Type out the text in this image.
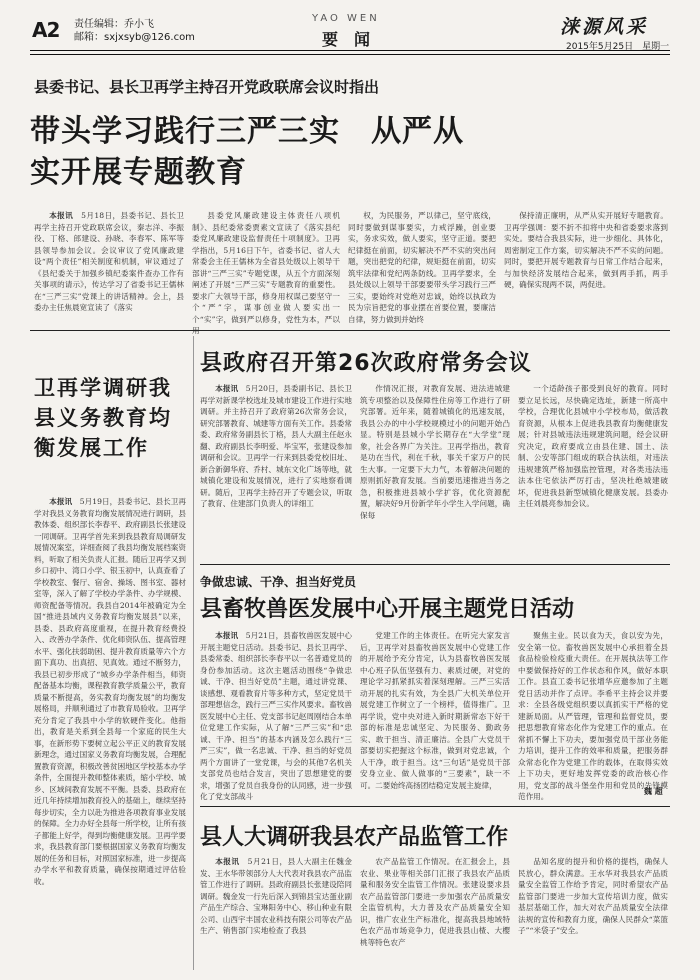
A2 责任编辑：乔小飞
邮箱：sxjxsyb@126.com
YAO WEN
要闻
涞源风采
2015年5月25日　星期一
县委书记、县长卫再学主持召开党政联席会议时指出
带头学习践行三严三实　从严从
实开展专题教育

本报讯　 5月18日，县委书记、县长卫再学主持召开党政联席会议，秦志洋、李振役、丁格、郎建设、孙晓、李春军、陈军等县领导参加会议。会议审议了党风廉政建设“两个责任”相关制度和机制，审议通过了《县纪委关于加强乡镇纪委案件查办工作有关事项的请示》，传达学习了省委书记王儒林在“三严三实”党课上的讲话精神。会上，县委办主任焦晨宽宣读了《落实

县委党风廉政建设主体责任八项机制》、县纪委常委贾素文宣读了《落实县纪委党风廉政建设监督责任十项制度》。卫再学指出，5月16日下午，省委书记、省人大常委会主任王儒林为全省县处级以上领导干部讲“三严三实”专题党课，从五个方面深刻阐述了开展“三严三实”专题教育的重要性。要求广大领导干部，修身用权谋己要坚守一个“严”字，谋事创业做人要实出一个“实”字，做到严以修身，党性为本，严以用

权，为民服务，严以律己，坚守底线，同时要做到谋事要实，力戒浮躁，创业要实，务求实效，做人要实，坚守正道。要把纪律挺在前面，切实解决不严不实的突出问题，突出把党的纪律，规矩挺在前面，切实筑牢法律和党纪两条防线。卫再学要求，全县处级以上领导干部要要带头学习践行三严三实，要始终对党绝对忠诚，始终以执政为民为宗旨把党的事业摆在首要位置，要廉洁自律，努力做到并始终

保持清正廉明，从严从实开展好专题教育。卫再学强调：要不折不扣将中央和省委要求落到实处。要结合我县实际，进一步细化、具体化，周密制定工作方案，切实解决不严不实的问题。同时，要把开展专题教育与日常工作结合起来，与加快经济发展结合起来，做到两手抓，两手硬，确保实现两不误，两促进。

卫再学调研我县义务教育均衡发展工作

本报讯　 5月19日，县委书记、县长卫再学对我县义务教育均衡发展情况进行调研，县教体委、组织部长李春平、政府副县长张建设一同调研。卫再学首先来到我县教育局调研发展情况案室，详细查阅了我县均衡发展档案资料，听取了相关负责人汇报。随后卫再学又到乡口初中、湾口小学、银玉初中，认真查看了学校教室、餐厅、宿舍、操场、图书室、器材室等，深入了解了学校办学条件、办学规模、师资配备等情况。我县自2014年被确定为全国“推进县域内义务教育均衡发展县”以来，县委、县政府高度重视，在提升教育经费投入、改善办学条件、优化师资队伍、提高管理水平、强化扶弱助困、提升教育质量等六个方面下真功、出真招、见真效。通过不断努力，我县已初步形成了“城乡办学条件相当，师资配备基本均衡，课程教育教学质量公平，教育质量不断提高，务实教育均衡发展”的均衡发展格局，并顺利通过了市教育局验收。卫再学充分肯定了我县中小学的软硬件变化。他指出，教育是关系到全县每一个家庭的民生大事，在新形势下要树立起公平正义的教育发展新理念，通过国家义务教育均衡发展，合理配置教育资源，积极改善贫困地区学校基本办学条件，全面提升教师整体素质，缩小学校、城乡、区域间教育发展不平衡。县委、县政府在近几年持续增加教育投入的基础上，继续坚持每步切实，全力以赴为推进各项教育事业发展的保障。全力办好全县每一所学校，让所有孩子都能上好学，得到均衡健康发展。卫再学要求，我县教育部门要根据国家义务教育均衡发展的任务和目标，对照国家标准，进一步提高办学水平和教育质量，确保按期通过评估验收。

县政府召开第26次政府常务会议

本报讯　 5月20日，县委副书记、县长卫再学对新课学校选址及城市建设工作进行实地调研。并主持召开了政府第26次常务会议，研究部署教育、城建等方面有关工作。县委常委、政府常务副县长丁格，县人大副主任赵永翻、政府副县长李明爱、毕宝军，张建设参加调研和会议。卫再学一行来到县委党校旧址、新合新御华府、乔村、城东文化广场等地，就城镇化建设和发展情况，进行了实地察看调研。随后，卫再学主持召开了专题会议，听取了教育、住建部门负责人的详细工

作情况汇报，对教育发展、进法进城建筑专项整治以及保障性住房等工作进行了研究部署。近年来，随着城镇化的迅速发展，我县公办的中小学校规模过小的问题开始凸显。特别是县城小学长期存在“大学堂”现象，社会各界广为关注。卫再学指出，教育是功在当代，利在千秋，事关千家万户的民生大事。一定要下大力气，本着解决问题的原则抓好教育发展。当前要迅速推进当务之急，积极推进县城小学扩容，优化资源配置，解决好9月份新学年小学生入学问题，确保每

一个适龄孩子都受到良好的教育。同时要立足长远，尽快确定选址，新建一所高中学校，合理优化县城中小学校布局，做活教育资源，从根本上促进我县教育均衡健康发展；针对县城违法违规建筑问题，经会议研究决定，政府要成立由县住建、国土、法制、公安等部门组成的联合执法组，对违法违规建筑严格加强监控管理，对各类违法违法本住宅依法严厉打击，坚决杜绝城建破坏，促进我县新型城镇化健康发展。县委办主任刘晨亮参加会议。

争做忠诚、干净、担当好党员
县畜牧兽医发展中心开展主题党日活动

本报讯　 5月21日，县畜牧兽医发展中心开展主题党日活动。县委书记、县长卫再学、县委常委、组织部长李春平以一名普通党员的身份参加活动。这次主题活动围绕“争做忠诚、干净、担当好党员”主题，通过讲党课、谈感想、观看教育片等多种方式，坚定党员干部理想信念，践行三严三实作风要求。畜牧兽医发展中心主任、党支部书记赵周刚结合本单位党建工作实际，从了解“三严三实”和“忠诚、干净、担当”的基本内涵及怎么践行“三严三实”，做一名忠诚、干净、担当的好党员两个方面讲了一堂党课，与会的其他7名机关支部党员也结合发言，突出了思想建党的要求，增强了党员自我身份的认同感，进一步强化了党支部战斗

党建工作的主体责任。在听完大家发言后，卫再学对县畜牧兽医发展中心党建工作的开展给予充分肯定，认为县畜牧兽医发展中心班子队伍坚强有力、素质过硬，对党的理论学习抓紧抓实着深刻理解。三严三实活动开展的扎实有效，为全县广大机关单位开展党建工作树立了一个榜样，值得推广。卫再学说，党中央对进入新时期新常态下好干部的标准是忠诚坚定、为民服务、勤政务实、敢于担当、清正廉洁。全县广大党员干部要切实把握这个标准，做到对党忠诚，个人干净，敢于担当。这“三句话”是党员干部安身立业、做人做事的“三要素”，缺一不可。二要始终高扬团结稳定发展主旋律，

聚焦主业。民以食为天，食以安为先，安全第一位。畜牧兽医发展中心承担着全县食品检验检疫重大责任。在开展执法等工作中要做保持好的工作状态和作风，做好本职工作。县直工委书记张增华应邀参加了主题党日活动并作了点评。李希平主持会议并要求：全县各级党组织要以真抓实干严格的党建新局面。从严管理，管理和监督党员，要把思想教育常态化作为党建工作的重点。在常抓不懈上下功夫，要加强党员干部业务能力培训，提升工作的效率和质量，把服务群众常态化作为党建工作的载体，在取得实效上下功夫，更好地发挥党委的政治核心作用，党支部的战斗堡垒作用和党员的先锋模范作用。

魏 超
县人大调研我县农产品监管工作

本报讯　 5月21日，县人大副主任魏金发、王水华带领部分人大代表对我县农产品监管工作进行了调研。县政府副县长张建设陪同调研。魏金发一行先后深入到锦县宝达蛋业副产品生产综合、宝琳阳务中心、移山种业有限公司、山西宇丰国农业科技有限公司等农产品生产、销售部门实地检查了我县

农产品监管工作情况。在汇报会上，县农业、果业等相关部门汇报了我县农产品质量和服务安全监管工作情况。张建设要求县农产品监管部门要进一步加强农产品质量安全监管机构，大力普及农产品质量安全知识，推广农业生产标准化，提高我县地域特色农产品市场竞争力，促进我县山楂、大樱桃等特色农产

品知名度的提升和价格的提档，确保人民放心，群众满意。王水华对我县农产品质量安全监管工作给予肯定，同时希望农产品监管部门要进一步加大宣传培训力度，做实基层基础工作，加大对农产品质量安全法律法规的宣传和教育力度，确保人民群众“菜篮子”“米袋子”安全。
